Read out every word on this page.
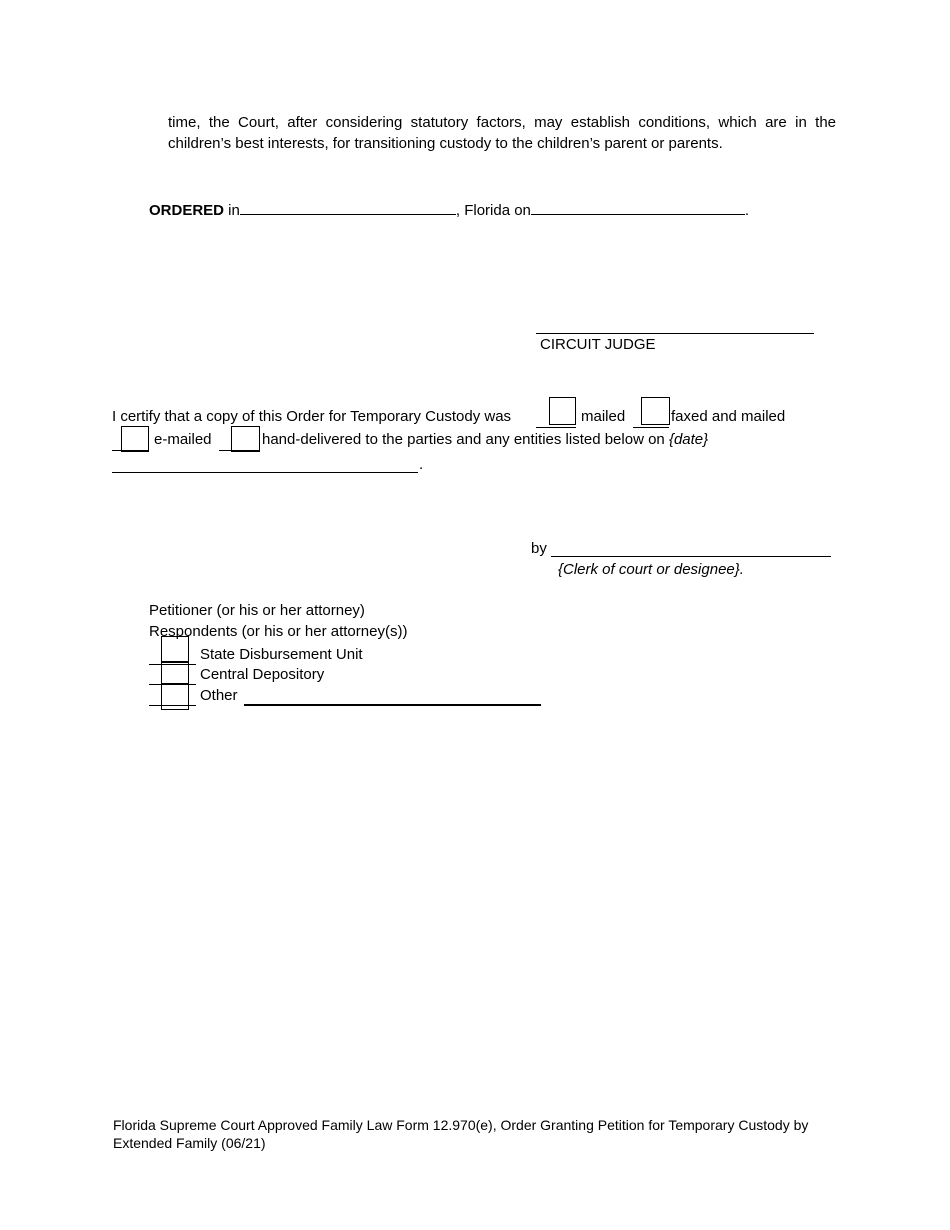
time, the Court, after considering statutory factors, may establish conditions, which are in the children’s best interests, for transitioning custody to the children’s parent or parents.
ORDERED in	, Florida on	.
CIRCUIT JUDGE
I certify that a copy of this Order for Temporary Custody was	mailed	faxed and mailed
e-mailed	hand-delivered to the parties and any entities listed below on {date}
.
by
{Clerk of court or designee}.
Petitioner (or his or her attorney)
Respondents (or his or her attorney(s))
State Disbursement Unit
Central Depository
Other
Florida Supreme Court Approved Family Law Form 12.970(e), Order Granting Petition for Temporary Custody by
Extended Family (06/21)
